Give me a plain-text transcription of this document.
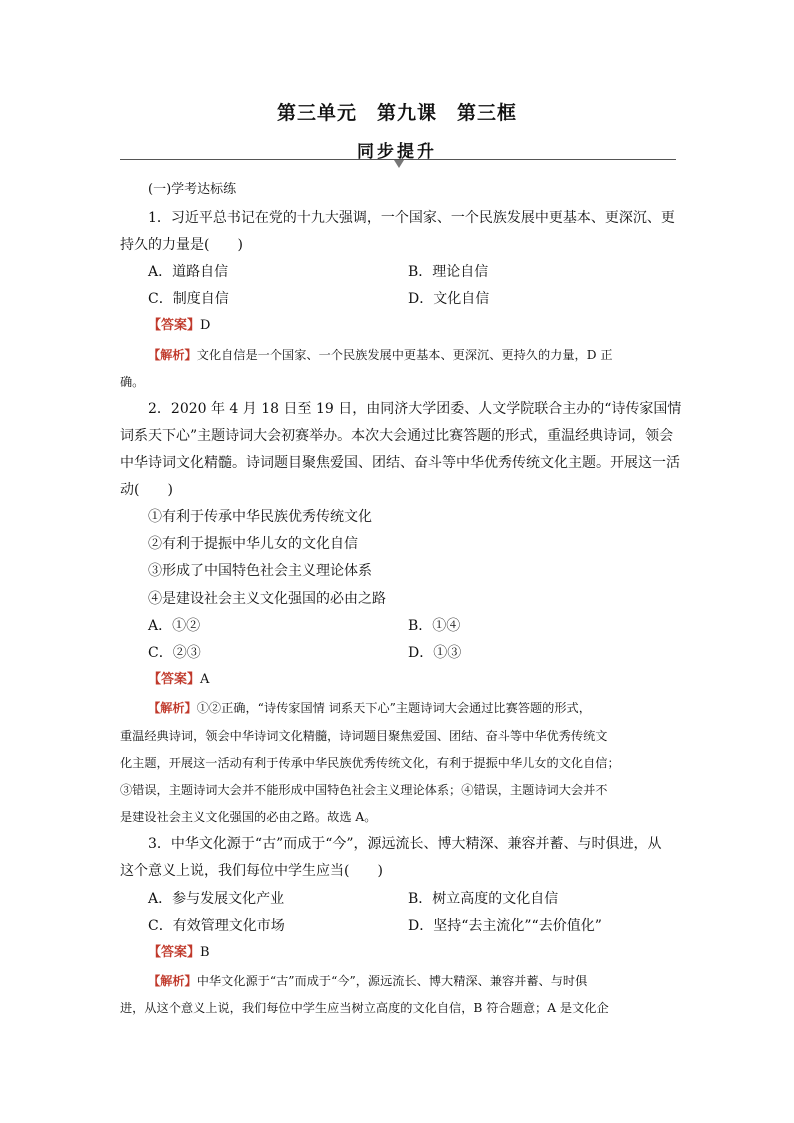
第三单元　第九课　第三框
同步提升
(一)学考达标练
1．习近平总书记在党的十九大强调，一个国家、一个民族发展中更基本、更深沉、更
持久的力量是(　　)
A．道路自信	B．理论自信
C．制度自信	D．文化自信
【答案】D
【解析】文化自信是一个国家、一个民族发展中更基本、更深沉、更持久的力量，D 正
确。
2．2020 年 4 月 18 日至 19 日，由同济大学团委、人文学院联合主办的“诗传家国情
词系天下心”主题诗词大会初赛举办。本次大会通过比赛答题的形式，重温经典诗词，领会
中华诗词文化精髓。诗词题目聚焦爱国、团结、奋斗等中华优秀传统文化主题。开展这一活
动(　　)
①有利于传承中华民族优秀传统文化
②有利于提振中华儿女的文化自信
③形成了中国特色社会主义理论体系
④是建设社会主义文化强国的必由之路
A．①②	B．①④
C．②③	D．①③
【答案】A
【解析】①②正确，“诗传家国情 词系天下心”主题诗词大会通过比赛答题的形式，
重温经典诗词，领会中华诗词文化精髓，诗词题目聚焦爱国、团结、奋斗等中华优秀传统文
化主题，开展这一活动有利于传承中华民族优秀传统文化，有利于提振中华儿女的文化自信；
③错误，主题诗词大会并不能形成中国特色社会主义理论体系；④错误，主题诗词大会并不
是建设社会主义文化强国的必由之路。故选 A。
3．中华文化源于“古”而成于“今”，源远流长、博大精深、兼容并蓄、与时俱进，从
这个意义上说，我们每位中学生应当(　　)
A．参与发展文化产业	B．树立高度的文化自信
C．有效管理文化市场	D．坚持“去主流化”“去价值化”
【答案】B
【解析】中华文化源于“古”而成于“今”，源远流长、博大精深、兼容并蓄、与时俱
进，从这个意义上说，我们每位中学生应当树立高度的文化自信，B 符合题意；A 是文化企
